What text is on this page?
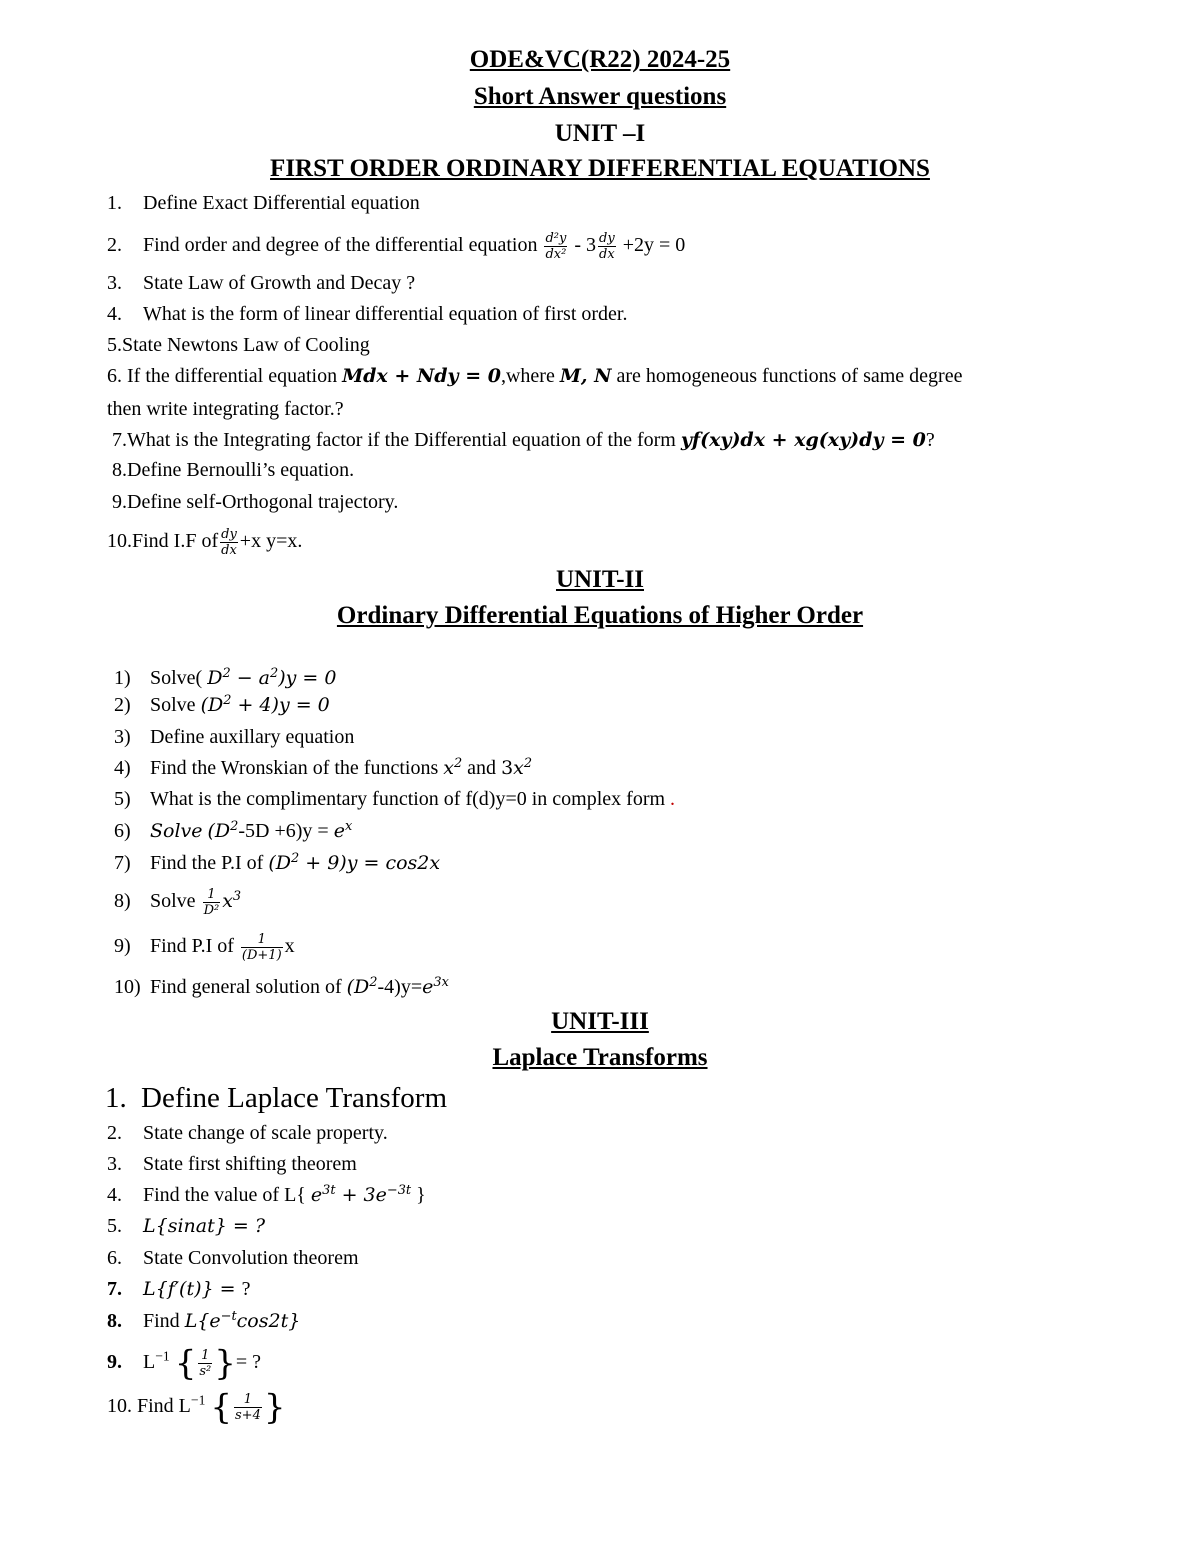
ODE&VC(R22) 2024-25
Short Answer questions
UNIT –I
FIRST ORDER ORDINARY DIFFERENTIAL EQUATIONS
1. Define Exact Differential equation
2. Find order and degree of the differential equation $\frac{\text{d²y}}{\text{dx²}} - 3 \frac{dy}{dx} +2y = 0$
3. State Law of Growth and Decay ?
4. What is the form of linear differential equation of first order.
5.State Newtons Law of Cooling
6. If the differential equation Mdx + Ndy = 0,where M, N are homogeneous functions of same degree
then write integrating factor.?
7.What is the Integrating factor if the Differential equation of the form yf(xy)dx + xg(xy)dy = 0?
8.Define Bernoulli’s equation.
9.Define self-Orthogonal trajectory.
10.Find I.F of $\frac{dy}{dx} +x$ y=x.
UNIT-II
Ordinary Differential Equations of Higher Order
1) Solve( $D^2 - a^2)y = 0$
2) Solve $(D^2 + 4)y = 0$
3) Define auxillary equation
4) Find the Wronskian of the functions $x^2$ and $3x^2$
5) What is the complimentary function of f(d)y=0 in complex form .
6) Solve $(D^2-5D +6)y = e^x$
7) Find the P.I of $(D^2 + 9)y = \cos 2x$
8) Solve $\frac{1}{\text{D²}} x^3$
9) Find P.I of $\frac{1}{(D+1)}$ x
10) Find general solution of $(D^2-4)y=e^{3x}$
UNIT-III
Laplace Transforms
1. Define Laplace Transform
2. State change of scale property.
3. State first shifting theorem
4. Find the value of L{ $e^{3t} + 3e^{-3t}$ }
5. L{sinat} = ?
6. State Convolution theorem
7. L{f′(t)} = ?
8. Find $L\{e^{-t}\cos 2t\}$
9. $L^{-1}$ { $\frac{1}{\text{s²}}$ }= ?
10. Find $L^{-1}$ { $\frac{1}{s+4}$ }
